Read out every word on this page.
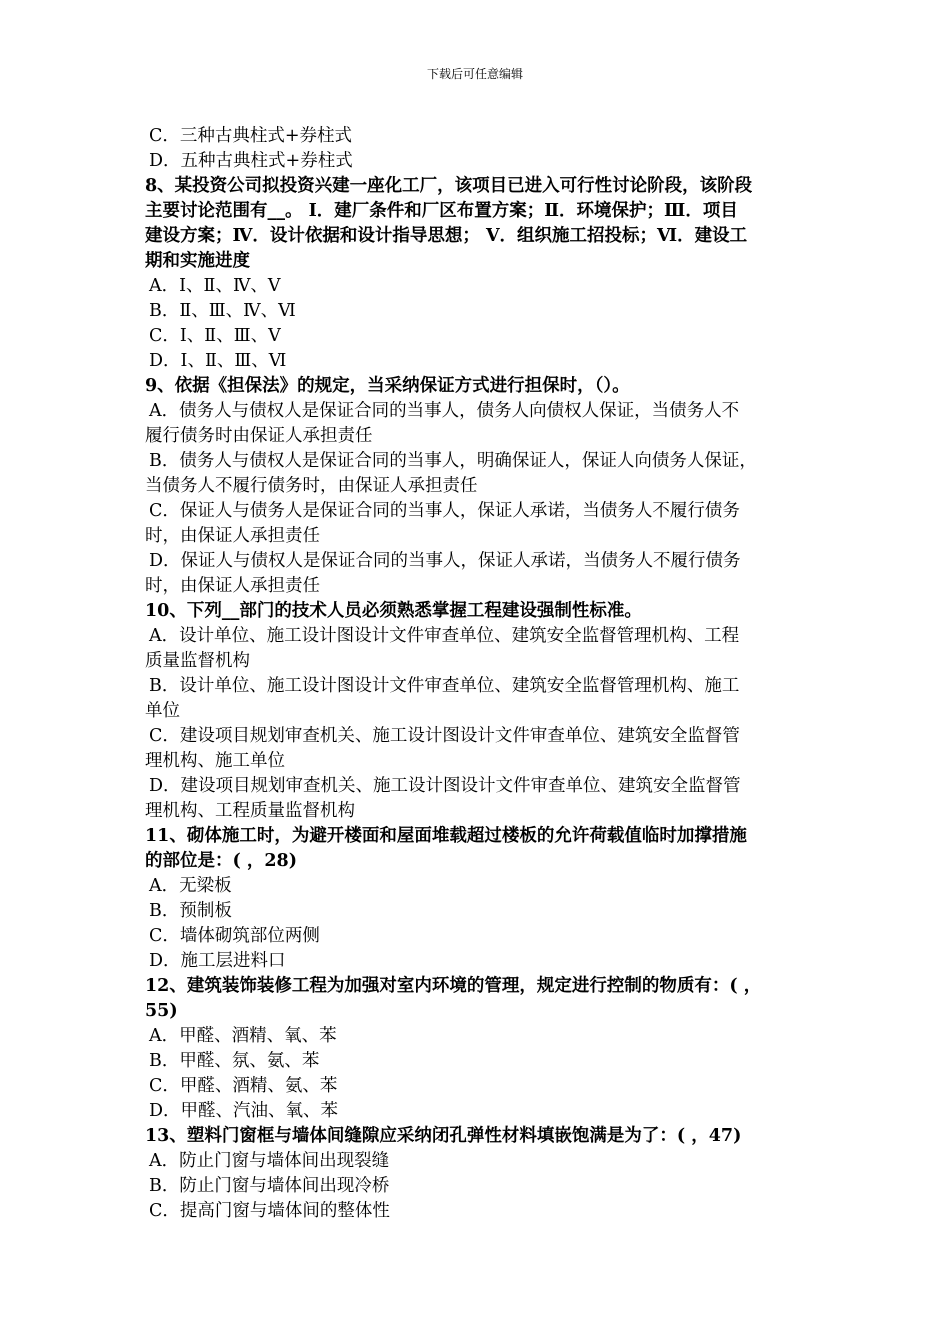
下载后可任意编辑
C．三种古典柱式+券柱式
D．五种古典柱式+券柱式
8、某投资公司拟投资兴建一座化工厂，该项目已进入可行性讨论阶段，该阶段
主要讨论范围有__。 Ⅰ．建厂条件和厂区布置方案；Ⅱ．环境保护；Ⅲ．项目
建设方案；Ⅳ．设计依据和设计指导思想； Ⅴ．组织施工招投标；Ⅵ．建设工
期和实施进度
A．Ⅰ、Ⅱ、Ⅳ、Ⅴ
B．Ⅱ、Ⅲ、Ⅳ、Ⅵ
C．Ⅰ、Ⅱ、Ⅲ、Ⅴ
D．Ⅰ、Ⅱ、Ⅲ、Ⅵ
9、依据《担保法》的规定，当采纳保证方式进行担保时，（）。
A．债务人与债权人是保证合同的当事人，债务人向债权人保证，当债务人不
履行债务时由保证人承担责任
B．债务人与债权人是保证合同的当事人，明确保证人，保证人向债务人保证，
当债务人不履行债务时，由保证人承担责任
C．保证人与债务人是保证合同的当事人，保证人承诺，当债务人不履行债务
时，由保证人承担责任
D．保证人与债权人是保证合同的当事人，保证人承诺，当债务人不履行债务
时，由保证人承担责任
10、下列__部门的技术人员必须熟悉掌握工程建设强制性标准。
A．设计单位、施工设计图设计文件审查单位、建筑安全监督管理机构、工程
质量监督机构
B．设计单位、施工设计图设计文件审查单位、建筑安全监督管理机构、施工
单位
C．建设项目规划审查机关、施工设计图设计文件审查单位、建筑安全监督管
理机构、施工单位
D．建设项目规划审查机关、施工设计图设计文件审查单位、建筑安全监督管
理机构、工程质量监督机构
11、砌体施工时，为避开楼面和屋面堆载超过楼板的允许荷载值临时加撑措施
的部位是：( ，28)
A．无梁板
B．预制板
C．墙体砌筑部位两侧
D．施工层进料口
12、建筑装饰装修工程为加强对室内环境的管理，规定进行控制的物质有：( ，
55)
A．甲醛、酒精、氧、苯
B．甲醛、氛、氨、苯
C．甲醛、酒精、氨、苯
D．甲醛、汽油、氧、苯
13、塑料门窗框与墙体间缝隙应采纳闭孔弹性材料填嵌饱满是为了：( ，47)
A．防止门窗与墙体间出现裂缝
B．防止门窗与墙体间出现冷桥
C．提高门窗与墙体间的整体性
